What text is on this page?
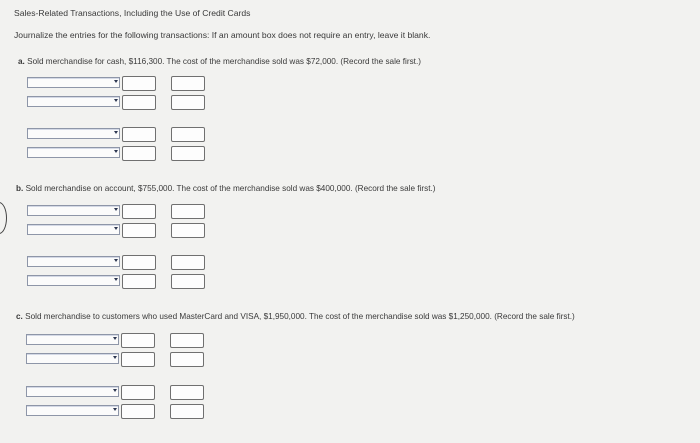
Sales-Related Transactions, Including the Use of Credit Cards
Journalize the entries for the following transactions: If an amount box does not require an entry, leave it blank.
a. Sold merchandise for cash, $116,300. The cost of the merchandise sold was $72,000. (Record the sale first.)
b. Sold merchandise on account, $755,000. The cost of the merchandise sold was $400,000. (Record the sale first.)
c. Sold merchandise to customers who used MasterCard and VISA, $1,950,000. The cost of the merchandise sold was $1,250,000. (Record the sale first.)
